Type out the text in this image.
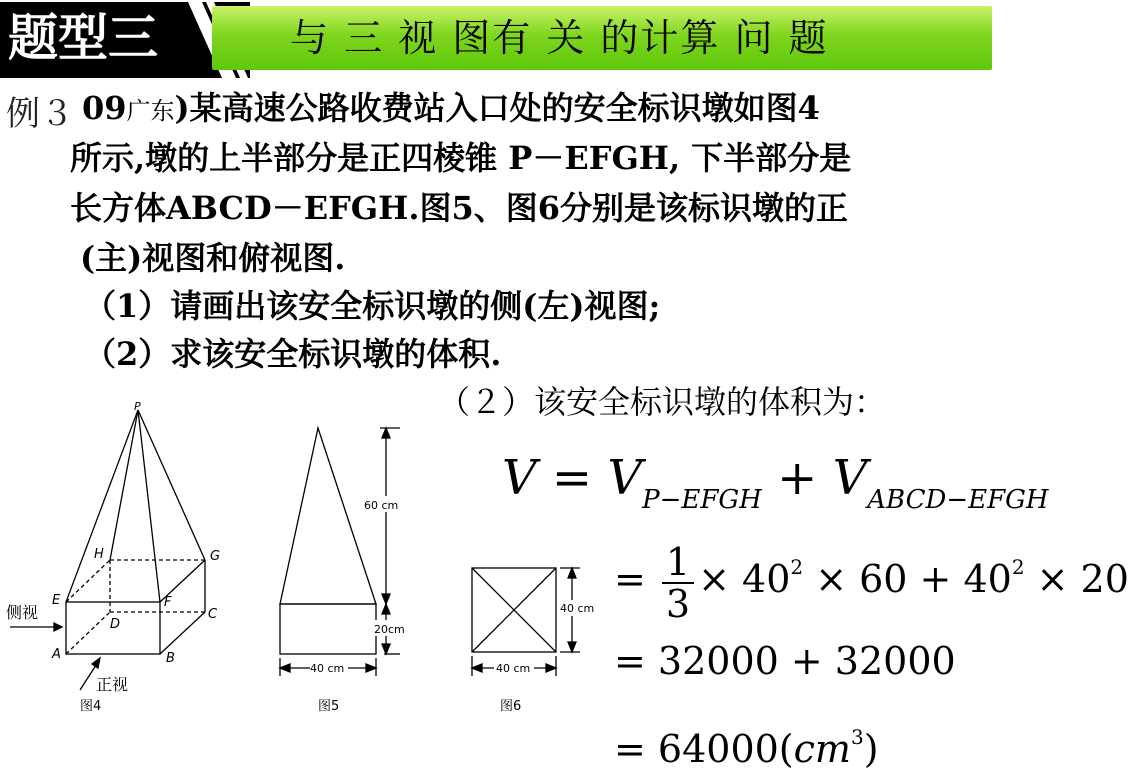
题型三	与 三 视 图有 关 的计算 问 题
例３ 09广东)某高速公路收费站入口处的安全标识墩如图4
所示,墩的上半部分是正四棱锥 P－EFGH, 下半部分是
长方体ABCD－EFGH.图5、图6分别是该标识墩的正
(主)视图和俯视图.
（1）请画出该安全标识墩的侧(左)视图;
（2）求该安全标识墩的体积.
（２）该安全标识墩的体积为：
$V = V_{P-EFGH} + V_{ABCD-EFGH}$
= $\frac{1}{3} \times 40^2 \times 60 + 40^2 \times 20$
= 32000 + 32000
= $64000(cm^3)$
P
H	G
E	F
C
D
A	B
侧视
正视
图4
60 cm
20cm
40 cm
图5
40 cm
40 cm
图6
